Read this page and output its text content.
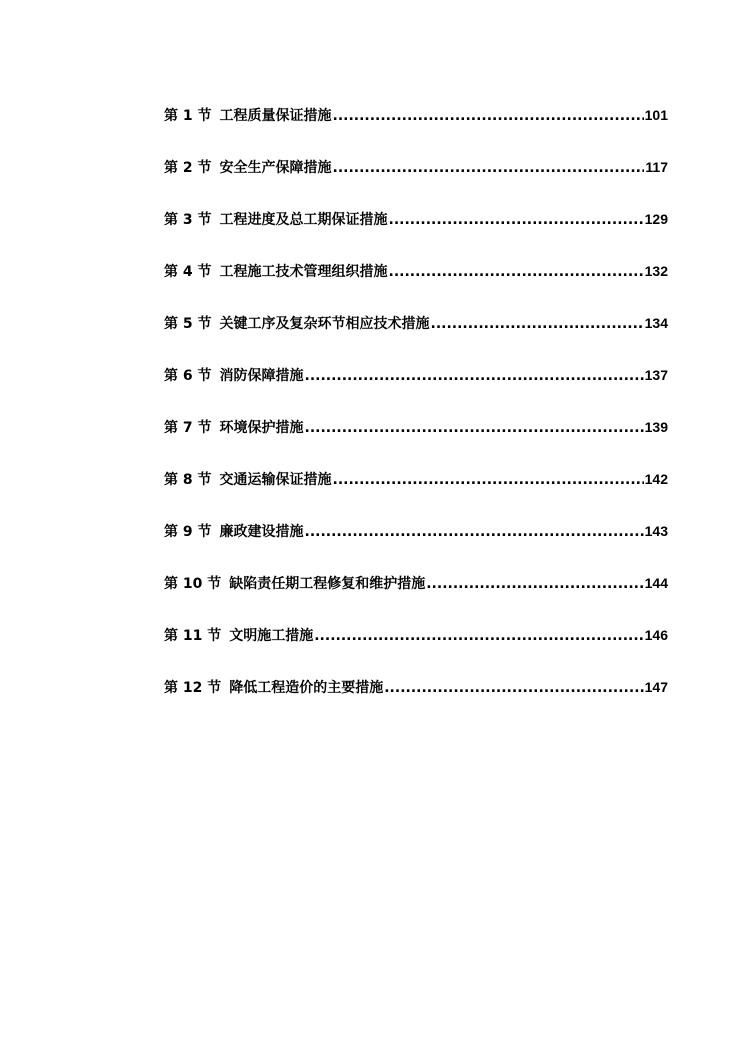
第 1 节 工程质量保证措施 .....	101
第 2 节 安全生产保障措施 .....	117
第 3 节 工程进度及总工期保证措施 .....	129
第 4 节 工程施工技术管理组织措施 .....	132
第 5 节 关键工序及复杂环节相应技术措施 .....	134
第 6 节 消防保障措施 .....	137
第 7 节 环境保护措施 .....	139
第 8 节 交通运输保证措施 .....	142
第 9 节 廉政建设措施 .....	143
第 10 节 缺陷责任期工程修复和维护措施 .....	144
第 11 节 文明施工措施 .....	146
第 12 节 降低工程造价的主要措施 .....	147
